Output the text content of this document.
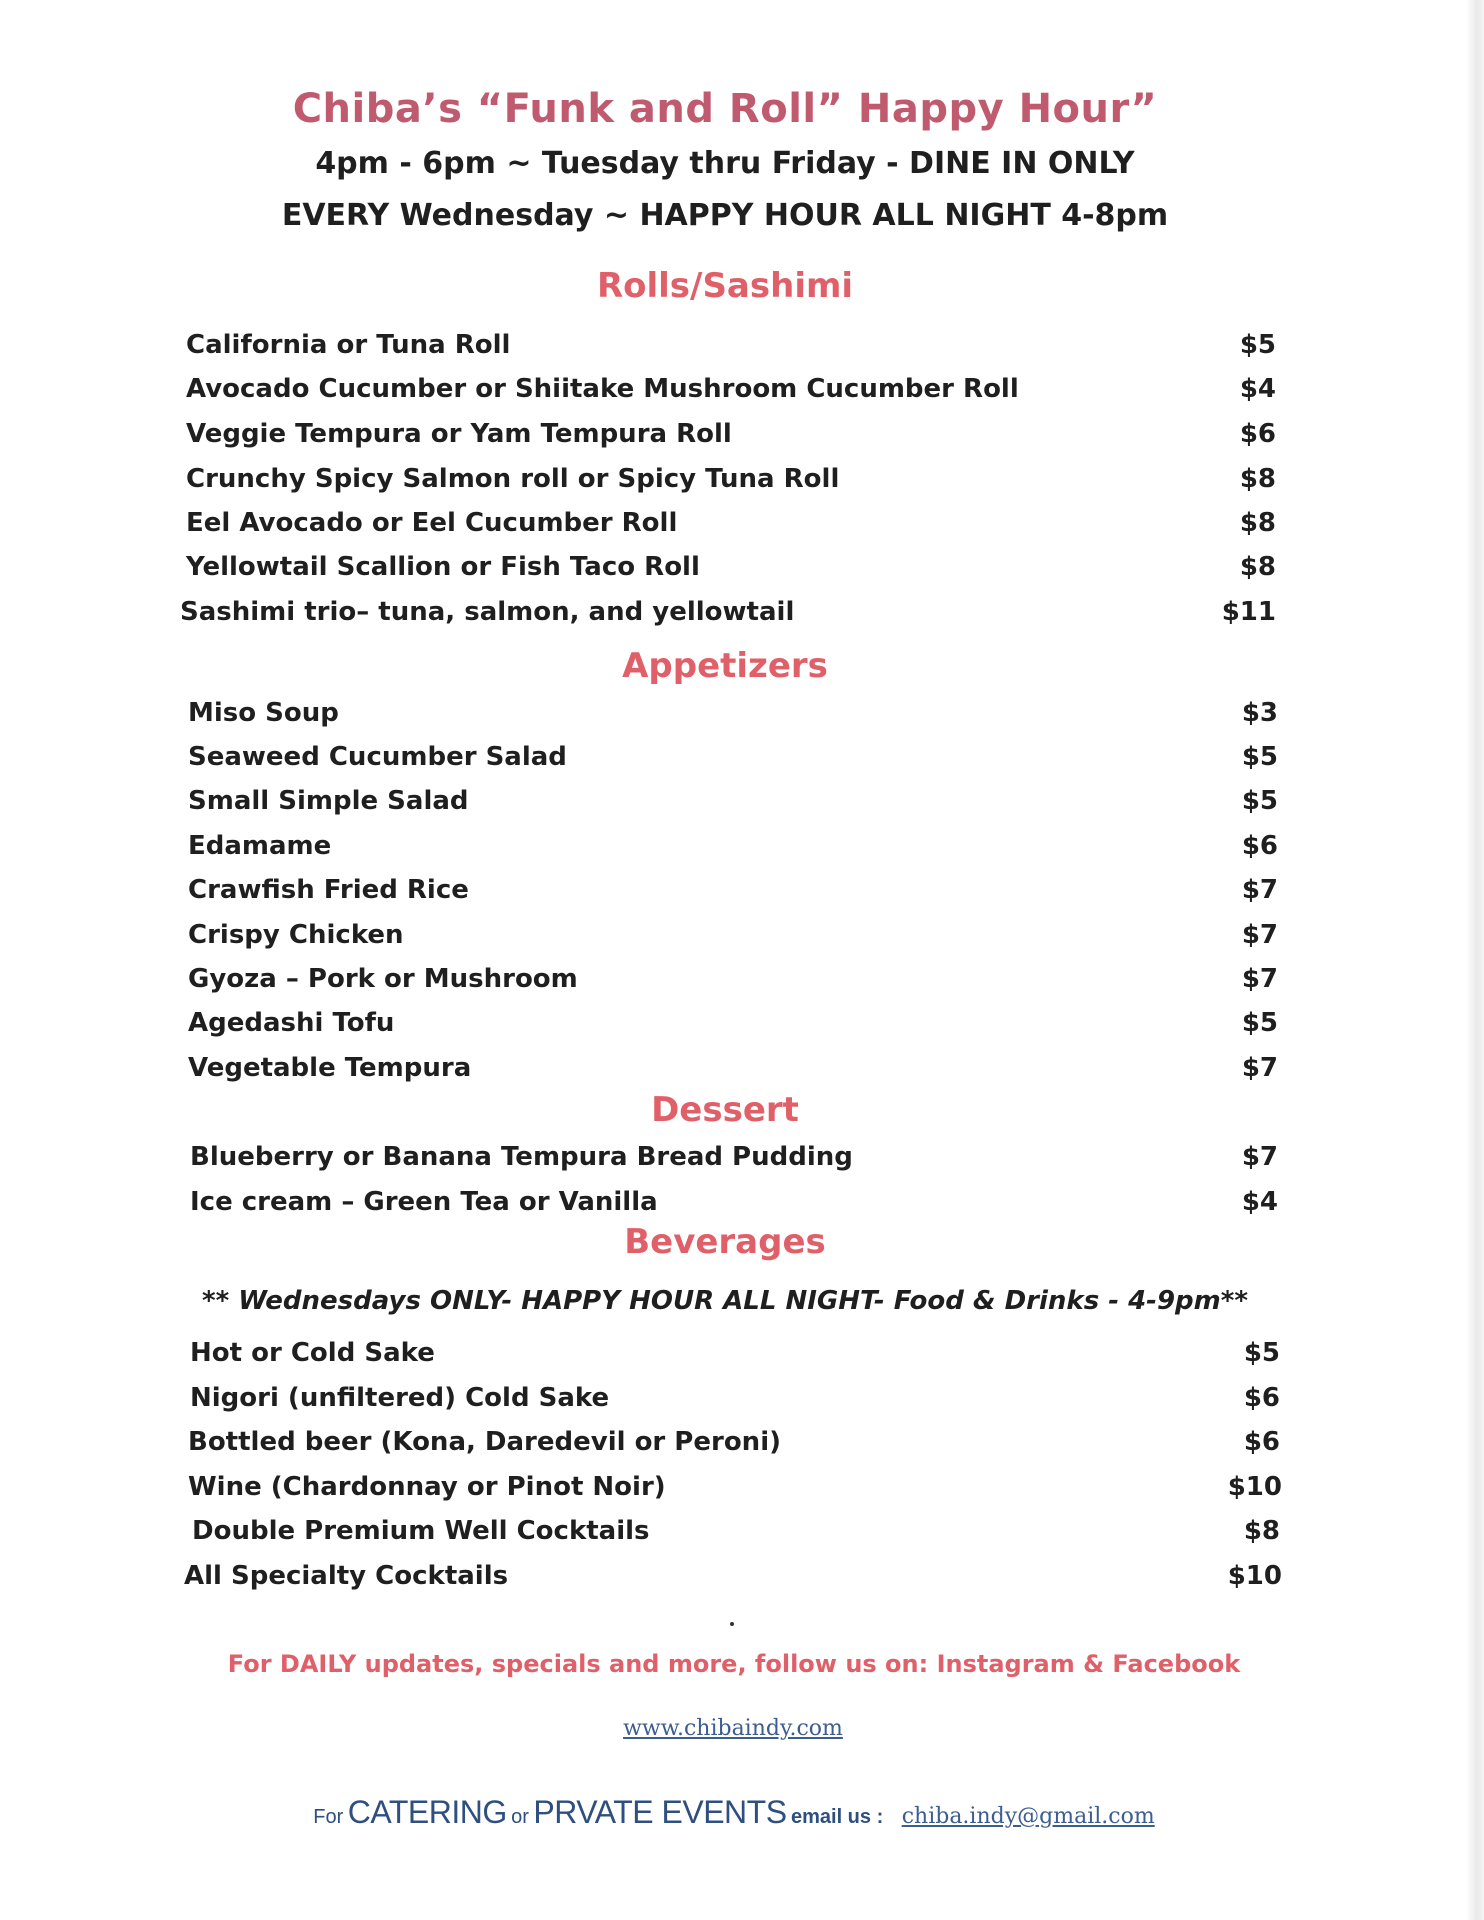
Chiba’s “Funk and Roll” Happy Hour”
4pm - 6pm ~ Tuesday thru Friday - DINE IN ONLY
EVERY Wednesday ~ HAPPY HOUR ALL NIGHT 4-8pm
Rolls/Sashimi
California or Tuna Roll	$5
Avocado Cucumber or Shiitake Mushroom Cucumber Roll	$4
Veggie Tempura or Yam Tempura Roll	$6
Crunchy Spicy Salmon roll or Spicy Tuna Roll	$8
Eel Avocado or Eel Cucumber Roll	$8
Yellowtail Scallion or Fish Taco Roll	$8
Sashimi trio– tuna, salmon, and yellowtail	$11
Appetizers
Miso Soup	$3
Seaweed Cucumber Salad	$5
Small Simple Salad	$5
Edamame	$6
Crawfish Fried Rice	$7
Crispy Chicken	$7
Gyoza – Pork or Mushroom	$7
Agedashi Tofu	$5
Vegetable Tempura	$7
Dessert
Blueberry or Banana Tempura Bread Pudding	$7
Ice cream – Green Tea or Vanilla	$4
Beverages
** Wednesdays ONLY- HAPPY HOUR ALL NIGHT- Food & Drinks - 4-9pm**
Hot or Cold Sake	$5
Nigori (unfiltered) Cold Sake	$6
Bottled beer (Kona, Daredevil or Peroni)	$6
Wine (Chardonnay or Pinot Noir)	$10
Double Premium Well Cocktails	$8
All Specialty Cocktails	$10
For DAILY updates, specials and more, follow us on: Instagram & Facebook
www.chibaindy.com
For CATERING or PRVATE EVENTS email us : chiba.indy@gmail.com
